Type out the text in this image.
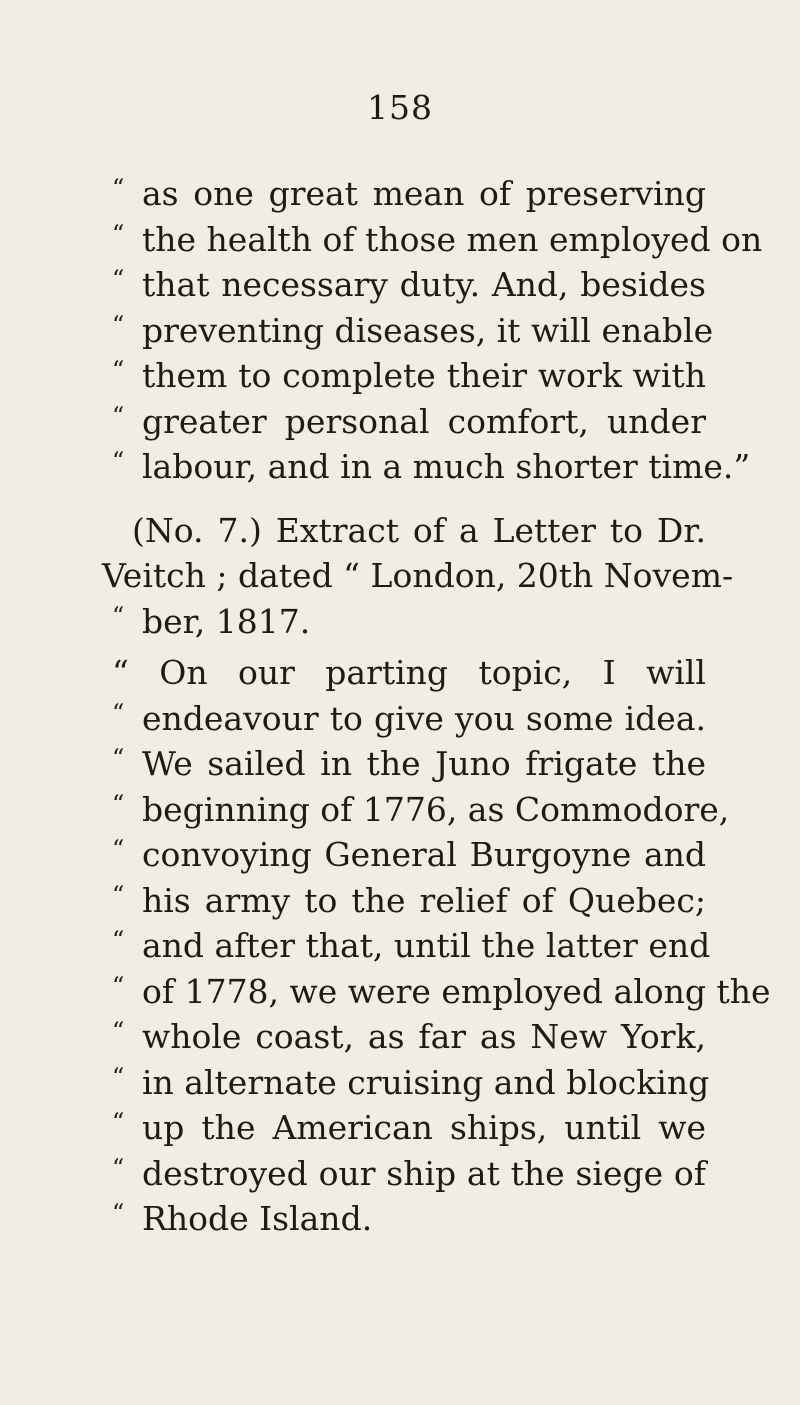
158
“ as one great mean of preserving
“ the health of those men employed on
“ that necessary duty. And, besides
“ preventing diseases, it will enable
“ them to complete their work with
“ greater personal comfort, under
“ labour, and in a much shorter time.”
(No. 7.) Extract of a Letter to Dr.
Veitch ; dated “ London, 20th Novem-
“ ber, 1817.
“ On our parting topic, I will
“ endeavour to give you some idea.
“ We sailed in the Juno frigate the
“ beginning of 1776, as Commodore,
“ convoying General Burgoyne and
“ his army to the relief of Quebec;
“ and after that, until the latter end
“ of 1778, we were employed along the
“ whole coast, as far as New York,
“ in alternate cruising and blocking
“ up the American ships, until we
“ destroyed our ship at the siege of
“ Rhode Island.
